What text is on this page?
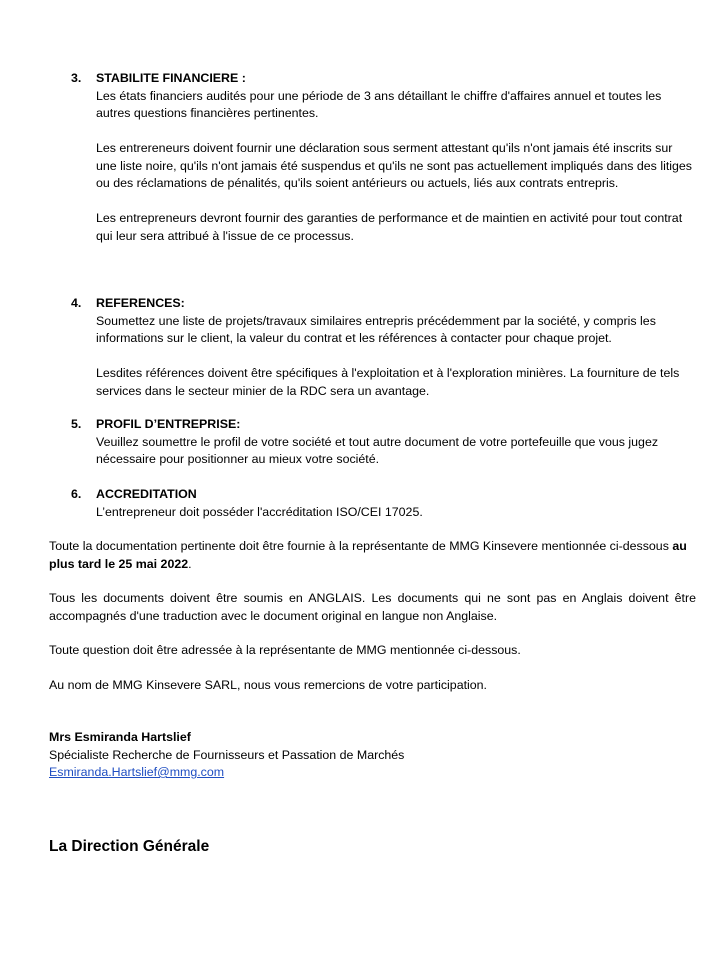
3. STABILITE FINANCIERE :

Les états financiers audités pour une période de 3 ans détaillant le chiffre d'affaires annuel et toutes les autres questions financières pertinentes.

Les entrereneurs doivent fournir une déclaration sous serment attestant qu'ils n'ont jamais été inscrits sur une liste noire, qu'ils n'ont jamais été suspendus et qu'ils ne sont pas actuellement impliqués dans des litiges ou des réclamations de pénalités, qu'ils soient antérieurs ou actuels, liés aux contrats entrepris.

Les entrepreneurs devront fournir des garanties de performance et de maintien en activité pour tout contrat qui leur sera attribué à l'issue de ce processus.

4. REFERENCES:

Soumettez une liste de projets/travaux similaires entrepris précédemment par la société, y compris les informations sur le client, la valeur du contrat et les références à contacter pour chaque projet.

Lesdites références doivent être spécifiques à l'exploitation et à l'exploration minières. La fourniture de tels services dans le secteur minier de la RDC sera un avantage.

5. PROFIL D’ENTREPRISE:

Veuillez soumettre le profil de votre société et tout autre document de votre portefeuille que vous jugez nécessaire pour positionner au mieux votre société.

6. ACCREDITATION

L’entrepreneur doit posséder l'accréditation ISO/CEI 17025.

Toute la documentation pertinente doit être fournie à la représentante de MMG Kinsevere mentionnée ci-dessous au plus tard le 25 mai 2022.

Tous les documents doivent être soumis en ANGLAIS. Les documents qui ne sont pas en Anglais doivent être accompagnés d'une traduction avec le document original en langue non Anglaise.

Toute question doit être adressée à la représentante de MMG mentionnée ci-dessous.

Au nom de MMG Kinsevere SARL, nous vous remercions de votre participation.

Mrs Esmiranda Hartslief

Spécialiste Recherche de Fournisseurs et Passation de Marchés

Esmiranda.Hartslief@mmg.com

La Direction Générale
